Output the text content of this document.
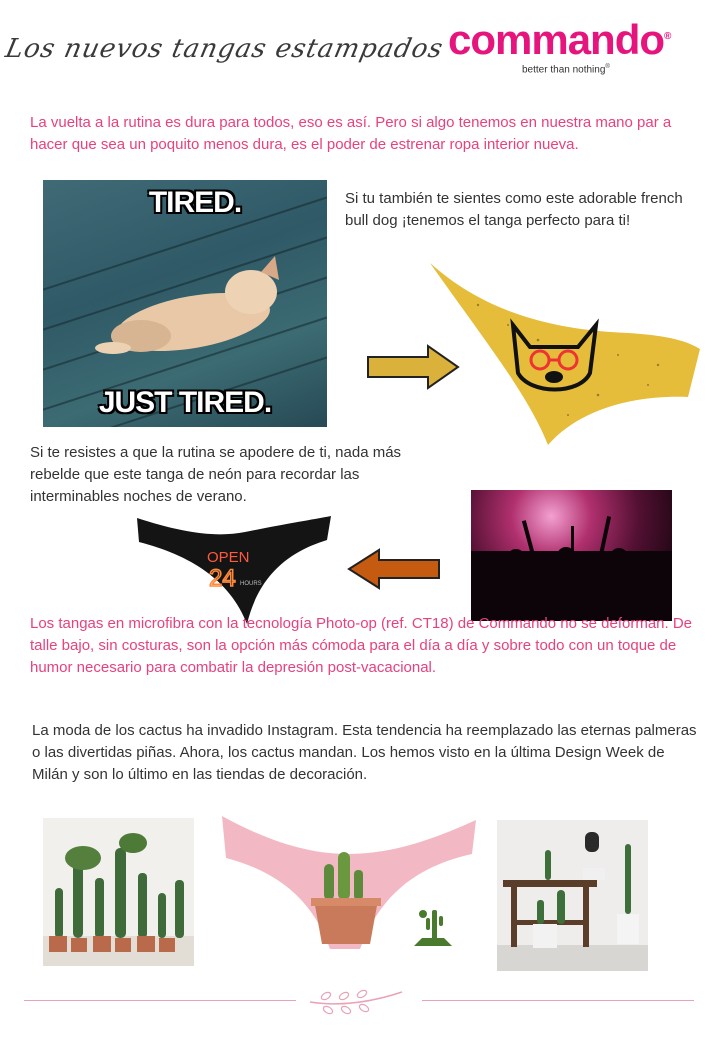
Los nuevos tangas estampados commando®
better than nothing®
La vuelta a la rutina es dura para todos, eso es así. Pero si algo tenemos en nuestra mano par a hacer que sea un poquito menos dura, es el poder de estrenar ropa interior nueva.
TIRED.
JUST TIRED.
Si tu también te sientes como este adorable french bull dog ¡tenemos el tanga perfecto para ti!
Si te resistes a que la rutina se apodere de ti, nada más rebelde que este tanga de neón para recordar las interminables noches de verano.
OPEN
24 HOURS
Los tangas en microfibra con la tecnología Photo-op (ref. CT18) de Commando no se deforman. De talle bajo, sin costuras, son la opción más cómoda para el día a día y sobre todo con un toque de humor necesario para combatir la depresión post-vacacional.
La moda de los cactus ha invadido Instagram. Esta tendencia ha reemplazado las eternas palmeras o las divertidas piñas. Ahora, los cactus mandan. Los hemos visto en la última Design Week de Milán y son lo último en las tiendas de decoración.
